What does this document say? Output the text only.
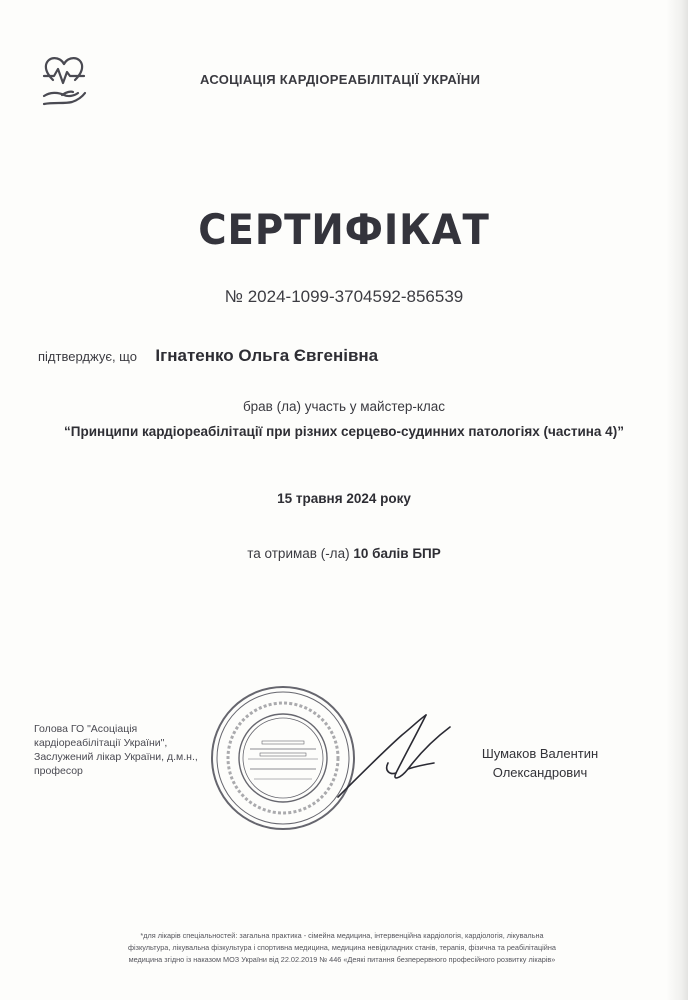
АСОЦІАЦІЯ КАРДІОРЕАБІЛІТАЦІЇ УКРАЇНИ
СЕРТИФІКАТ
№ 2024-1099-3704592-856539
підтверджує, що Ігнатенко Ольга Євгенівна
брав (ла) участь у майстер-клас
“Принципи кардіореабілітації при різних серцево-судинних патологіях (частина 4)”
15 травня 2024 року
та отримав (-ла) 10 балів БПР
Голова ГО "Асоціація
кардіореабілітації України",
Заслужений лікар України, д.м.н.,
професор
Шумаков Валентин
Олександрович
*для лікарів спеціальностей: загальна практика - сімейна медицина, інтервенційна кардіологія, кардіологія, лікувальна
фізкультура, лікувальна фізкультура і спортивна медицина, медицина невідкладних станів, терапія, фізична та реабілітаційна
медицина згідно із наказом МОЗ України від 22.02.2019 № 446 «Деякі питання безперервного професійного розвитку лікарів»
